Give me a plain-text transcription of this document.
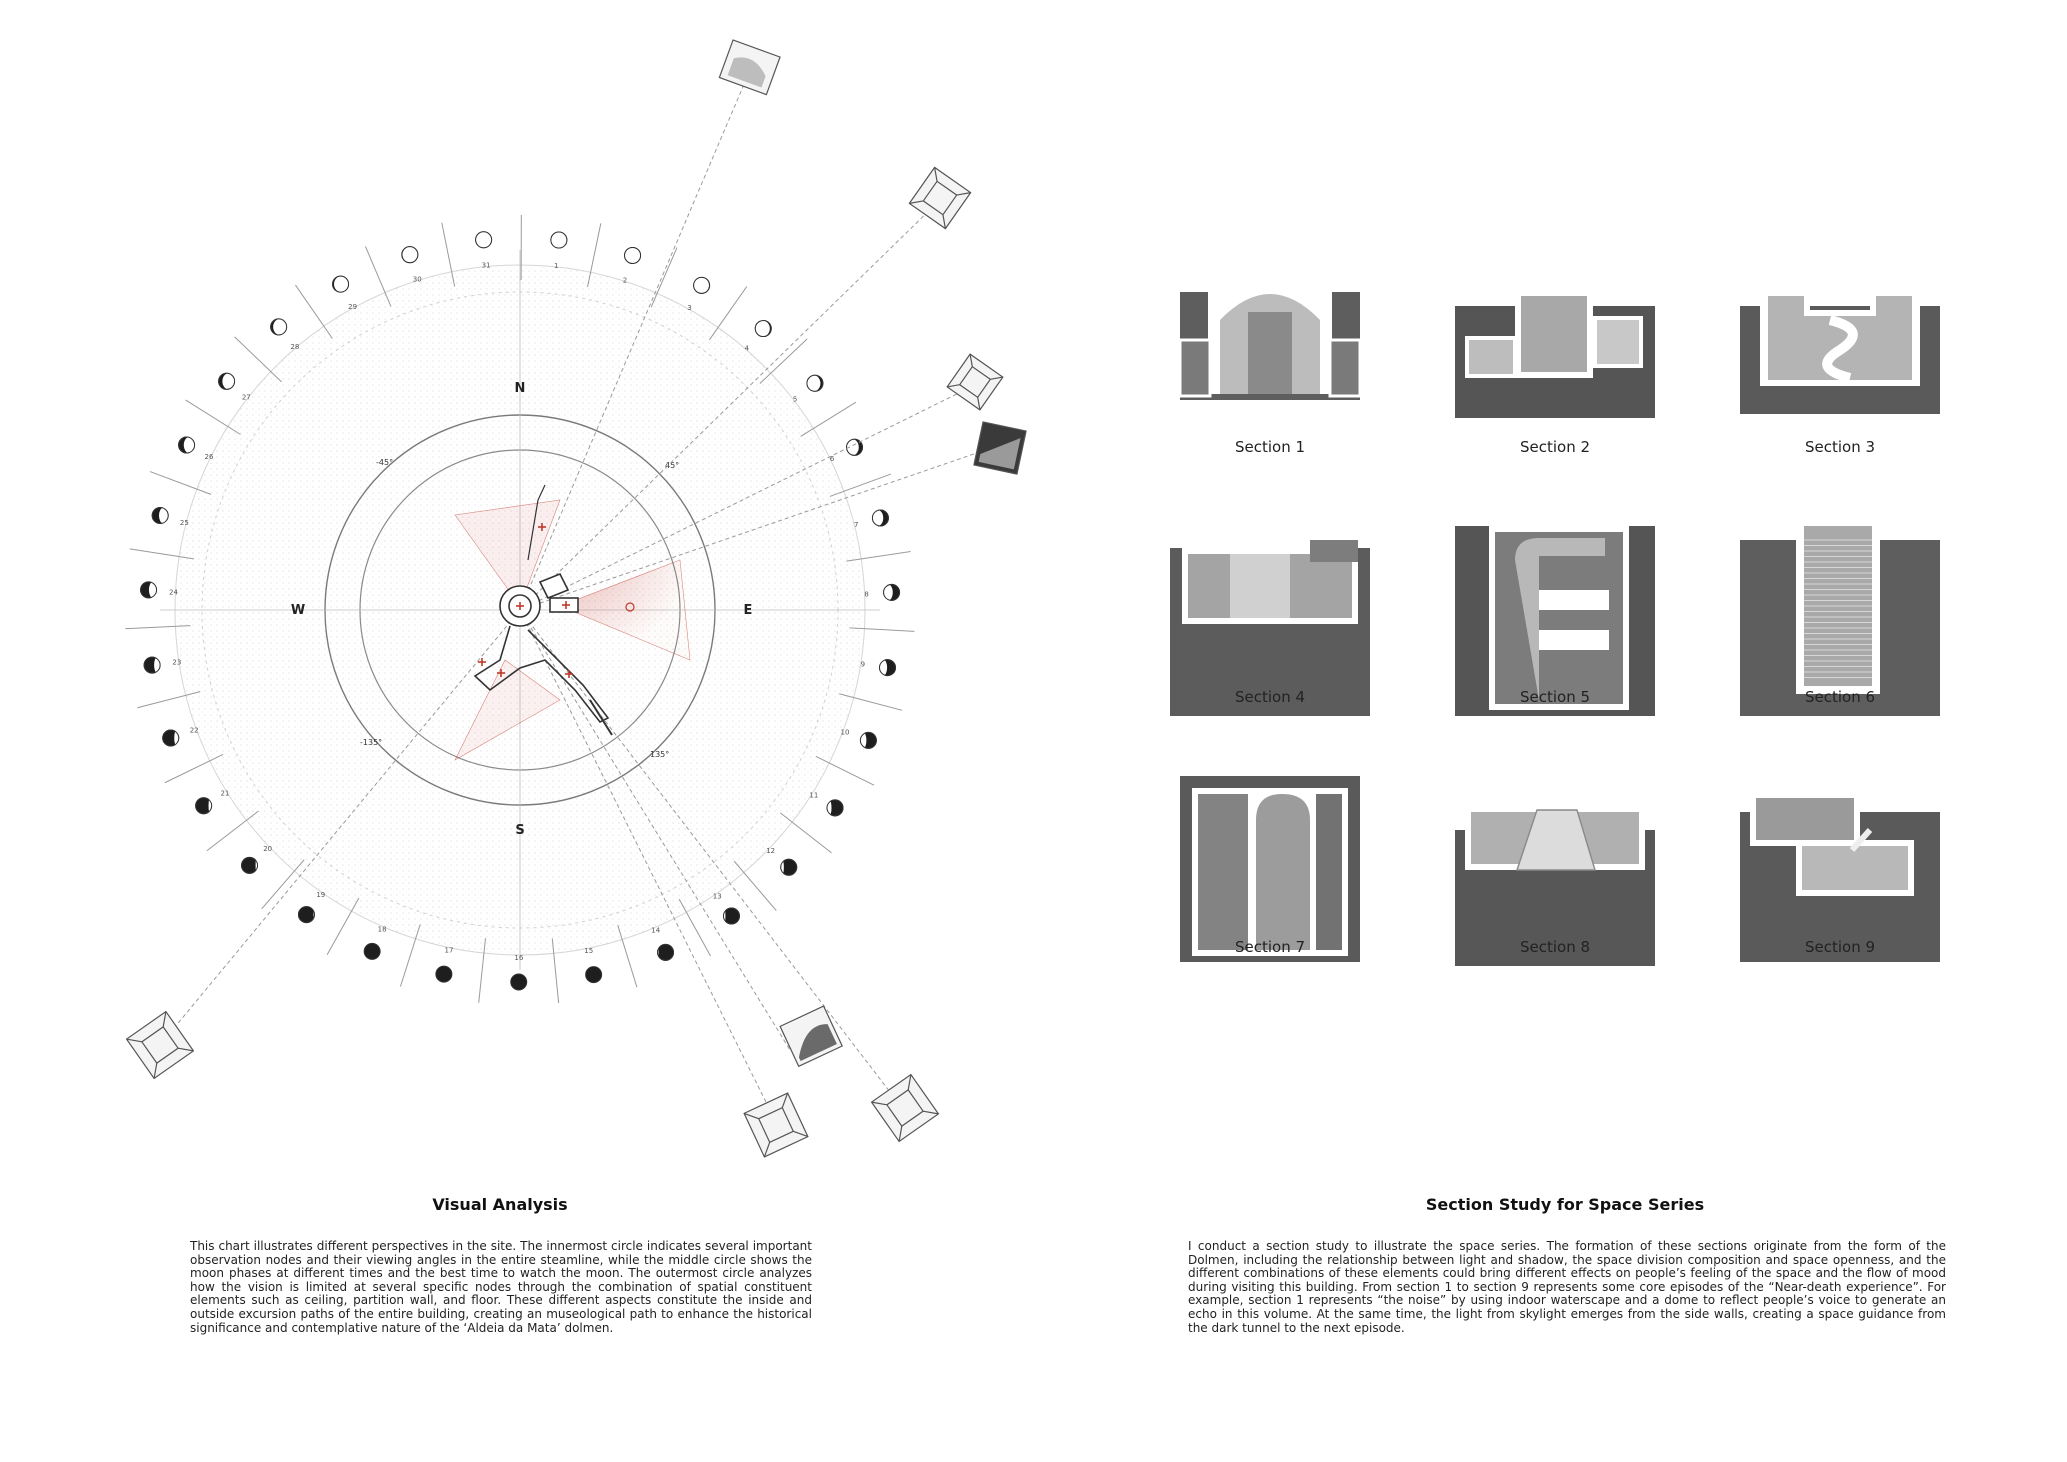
1
2
3
4
5
6
7
8
9
10
11
12
13
14
15
16
17
18
19
20
21
22
23
24
25
26
27
28
29
30
31
N
S
E
W
45°
-45°
135°
-135°
Section 1	Section 2	Section 3
Section 4	Section 5	Section 6
Section 7	Section 8	Section 9
Visual Analysis
This chart illustrates different perspectives in the site. The innermost circle indicates several important observation nodes and their viewing angles in the entire steamline, while the middle circle shows the moon phases at different times and the best time to watch the moon. The outermost circle analyzes how the vision is limited at several specific nodes through the combination of spatial constituent elements such as ceiling, partition wall, and floor. These different aspects constitute the inside and outside excursion paths of the entire building, creating an museological path to enhance the historical significance and contemplative nature of the ‘Aldeia da Mata’ dolmen.
Section Study for Space Series
I conduct a section study to illustrate the space series. The formation of these sections originate from the form of the Dolmen, including the relationship between light and shadow, the space division composition and space openness, and the different combinations of these elements could bring different effects on people’s feeling of the space and the flow of mood during visiting this building. From section 1 to section 9 represents some core episodes of the “Near-death experience”. For example, section 1 represents “the noise” by using indoor waterscape and a dome to reflect people’s voice to generate an echo in this volume. At the same time, the light from skylight emerges from the side walls, creating a space guidance from the dark tunnel to the next episode.
